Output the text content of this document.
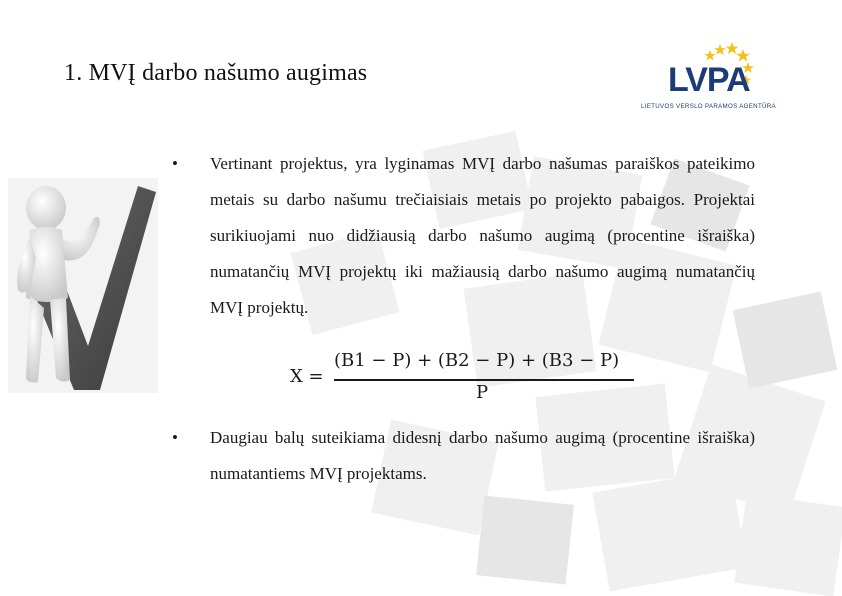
1. MVĮ darbo našumo augimas	LVPA
LIETUVOS VERSLO PARAMOS AGENTŪRA
• Vertinant projektus, yra lyginamas MVĮ darbo našumas paraiškos pateikimo metais su darbo našumu trečiaisiais metais po projekto pabaigos. Projektai surikiuojami nuo didžiausią darbo našumo augimą (procentine išraiška) numatančių MVĮ projektų iki mažiausią darbo našumo augimą numatančių MVĮ projektų.
X =
(B1 − P) + (B2 − P) + (B3 − P)
P
• Daugiau balų suteikiama didesnį darbo našumo augimą (procentine išraiška) numatantiems MVĮ projektams.
